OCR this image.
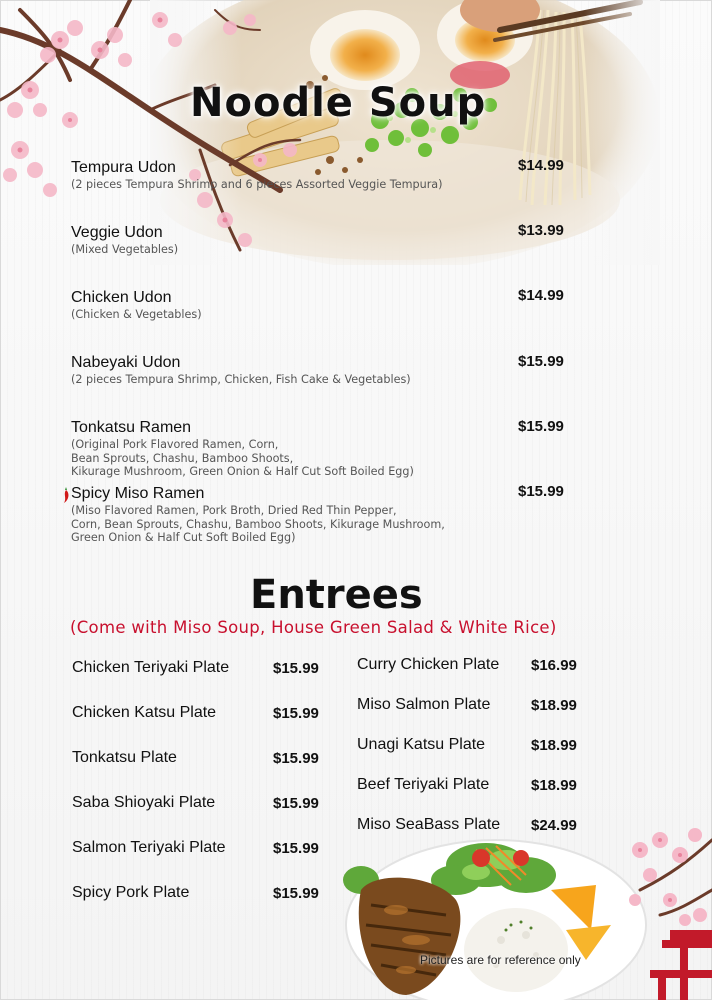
Noodle Soup
Tempura Udon
(2 pieces Tempura Shrimp and 6 pieces Assorted Veggie Tempura)
$14.99
Veggie Udon
(Mixed Vegetables)
$13.99
Chicken Udon
(Chicken & Vegetables)
$14.99
Nabeyaki Udon
(2 pieces Tempura Shrimp, Chicken, Fish Cake & Vegetables)
$15.99
Tonkatsu Ramen
(Original Pork Flavored Ramen, Corn,
Bean Sprouts, Chashu, Bamboo Shoots,
Kikurage Mushroom, Green Onion & Half Cut Soft Boiled Egg)
$15.99
Spicy Miso Ramen
(Miso Flavored Ramen, Pork Broth, Dried Red Thin Pepper,
Corn, Bean Sprouts, Chashu, Bamboo Shoots, Kikurage Mushroom,
Green Onion & Half Cut Soft Boiled Egg)
$15.99
Entrees
(Come with Miso Soup, House Green Salad & White Rice)
Chicken Teriyaki Plate	$15.99
Chicken Katsu Plate	$15.99
Tonkatsu Plate	$15.99
Saba Shioyaki Plate	$15.99
Salmon Teriyaki Plate	$15.99
Spicy Pork Plate	$15.99
Curry Chicken Plate $16.99
Miso Salmon Plate	$18.99
Unagi Katsu Plate	$18.99
Beef Teriyaki Plate	$18.99
Miso SeaBass Plate $24.99
Pictures are for reference only
